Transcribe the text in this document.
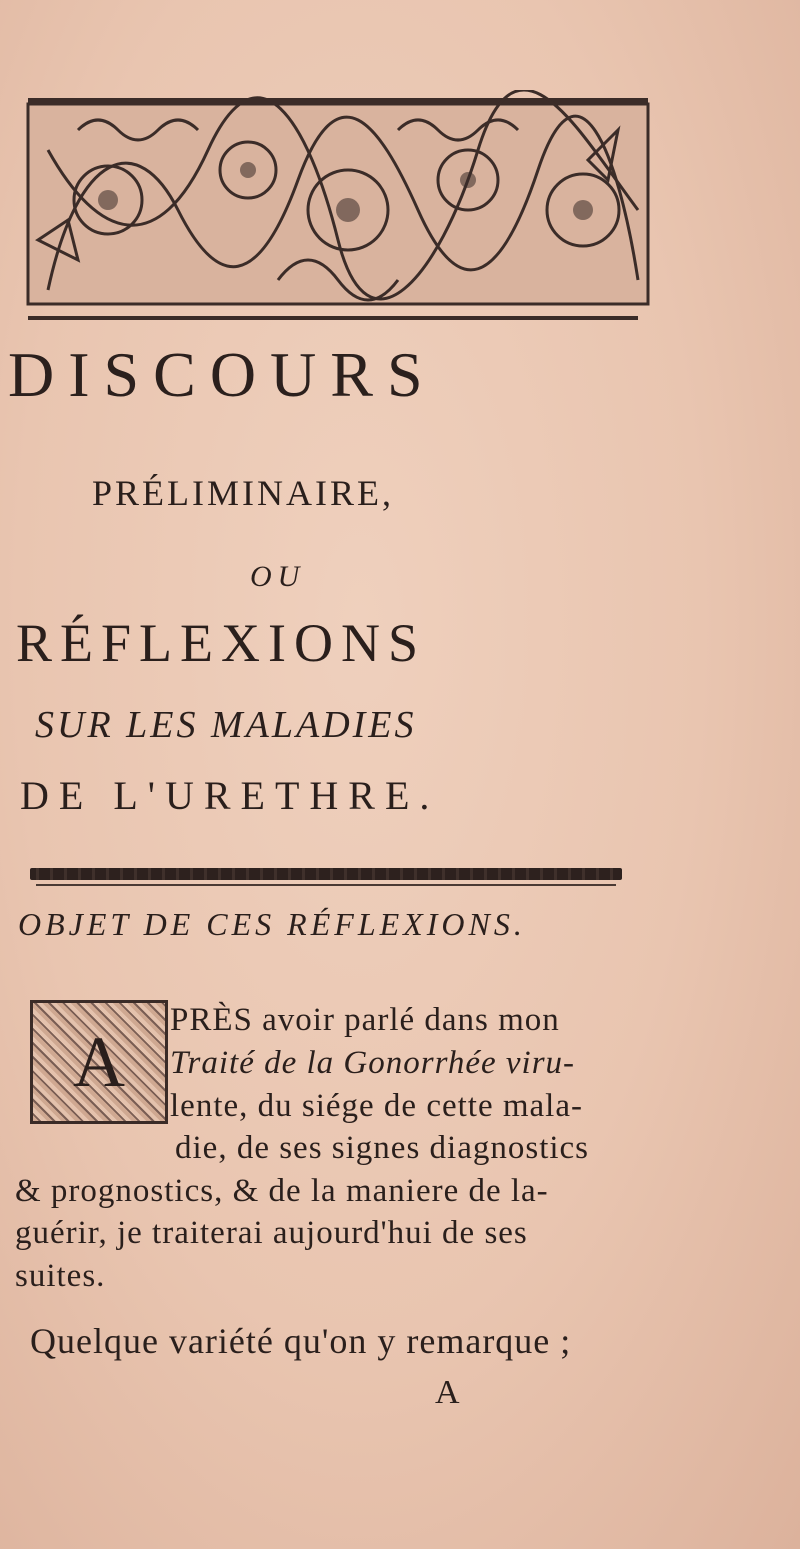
DISCOURS
PRÉLIMINAIRE,
OU
RÉFLEXIONS
SUR LES MALADIES
DE L'URETHRE.
OBJET DE CES RÉFLEXIONS.
A
PRÈS avoir parlé dans mon
Traité de la Gonorrhée viru-
lente, du siége de cette mala-
die, de ses signes diagnostics
& prognostics, & de la maniere de la-
guérir, je traiterai aujourd'hui de ses
suites.
Quelque variété qu'on y remarque ;
A
